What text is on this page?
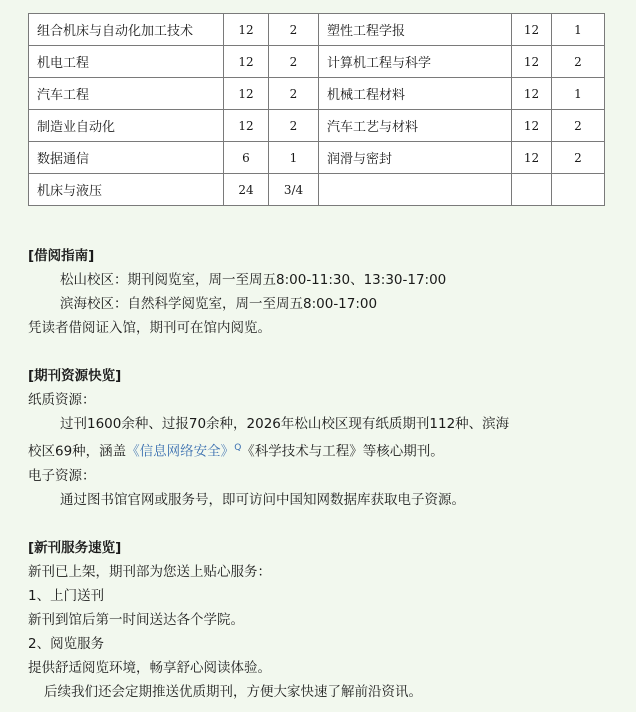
组合机床与自动化加工技术	12	2	塑性工程学报	12	1
机电工程	12	2	计算机工程与科学	12	2
汽车工程	12	2	机械工程材料	12	1
制造业自动化	12	2	汽车工艺与材料	12	2
数据通信	6	1	润滑与密封	12	2
机床与液压	24	3/4			
[借阅指南]
松山校区：期刊阅览室，周一至周五8:00-11:30、13:30-17:00
滨海校区：自然科学阅览室，周一至周五8:00-17:00
凭读者借阅证入馆，期刊可在馆内阅览。
[期刊资源快览]
纸质资源：
过刊1600余种、过报70余种，2026年松山校区现有纸质期刊112种、滨海
校区69种，涵盖《信息网络安全》$^Q$《科学技术与工程》等核心期刊。
电子资源：
通过图书馆官网或服务号，即可访问中国知网数据库获取电子资源。
[新刊服务速览]
新刊已上架，期刊部为您送上贴心服务：
1、上门送刊
新刊到馆后第一时间送达各个学院。
2、阅览服务
提供舒适阅览环境，畅享舒心阅读体验。
后续我们还会定期推送优质期刊，方便大家快速了解前沿资讯。
